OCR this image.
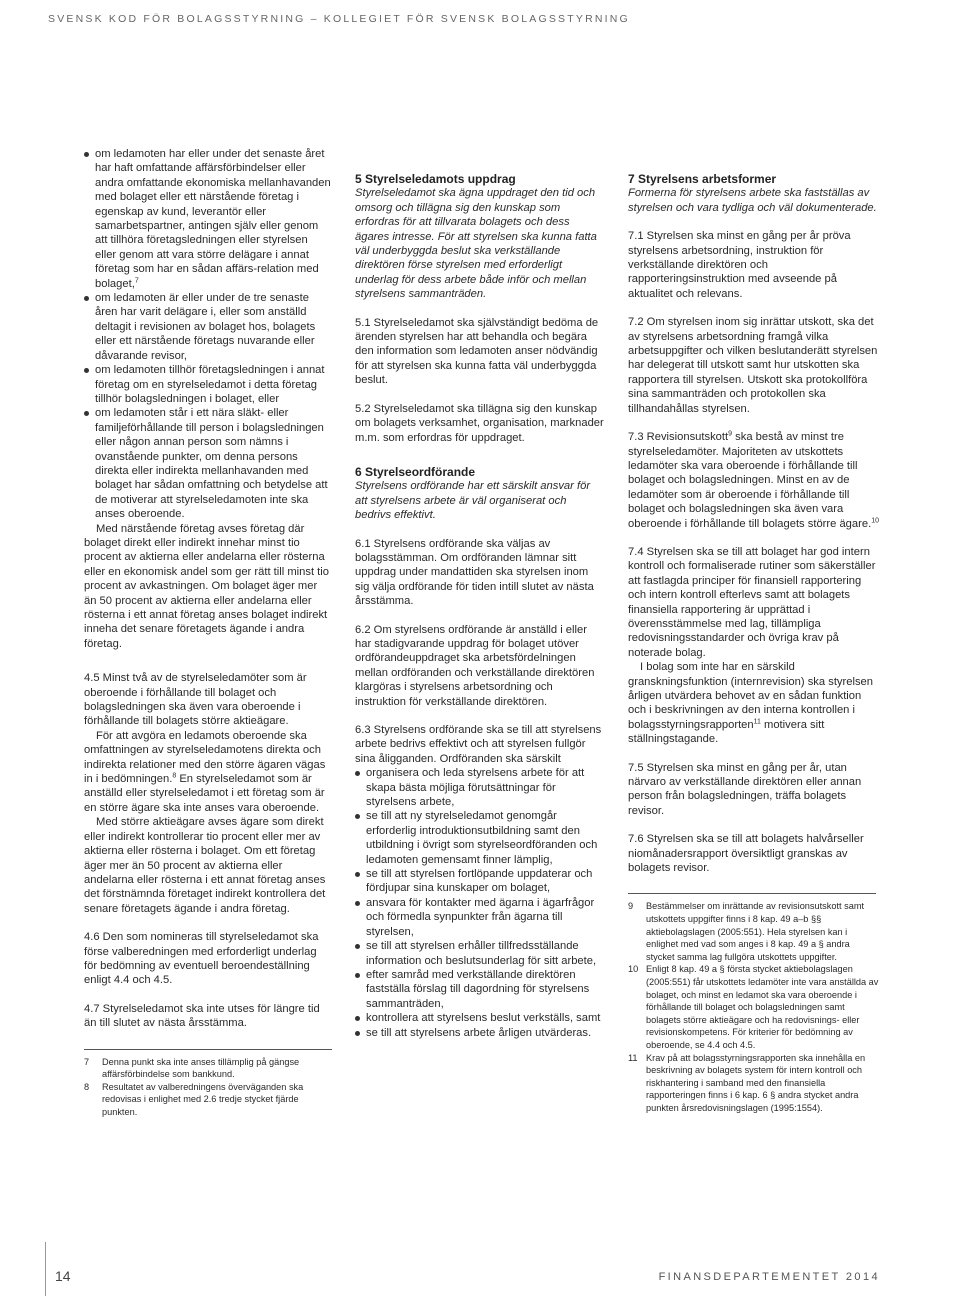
SVENSK KOD FÖR BOLAGSSTYRNING – KOLLEGIET FÖR SVENSK BOLAGSSTYRNING

om ledamoten har eller under det senaste året har haft omfattande affärsförbindelser eller andra omfattande ekonomiska mellanhavanden med bolaget eller ett närstående företag i egenskap av kund, leverantör eller samarbetspartner, antingen själv eller genom att tillhöra företagsledningen eller styrelsen eller genom att vara större delägare i annat företag som har en sådan affärs-relation med bolaget,$^7$

om ledamoten är eller under de tre senaste åren har varit delägare i, eller som anställd deltagit i revisionen av bolaget hos, bolagets eller ett närstående företags nuvarande eller dåvarande revisor,

om ledamoten tillhör företagsledningen i annat företag om en styrelseledamot i detta företag tillhör bolagsledningen i bolaget, eller

om ledamoten står i ett nära släkt- eller familjeförhållande till person i bolagsledningen eller någon annan person som nämns i ovanstående punkter, om denna persons direkta eller indirekta mellanhavanden med bolaget har sådan omfattning och betydelse att de motiverar att styrelseledamoten inte ska anses oberoende.

Med närstående företag avses företag där bolaget direkt eller indirekt innehar minst tio procent av aktierna eller andelarna eller rösterna eller en ekonomisk andel som ger rätt till minst tio procent av avkastningen. Om bolaget äger mer än 50 procent av aktierna eller andelarna eller rösterna i ett annat företag anses bolaget indirekt inneha det senare företagets ägande i andra företag.

4.5 Minst två av de styrelseledamöter som är oberoende i förhållande till bolaget och bolagsledningen ska även vara oberoende i förhållande till bolagets större aktieägare.

För att avgöra en ledamots oberoende ska omfattningen av styrelseledamotens direkta och indirekta relationer med den större ägaren vägas in i bedömningen.$^8$ En styrelseledamot som är anställd eller styrelseledamot i ett företag som är en större ägare ska inte anses vara oberoende.

Med större aktieägare avses ägare som direkt eller indirekt kontrollerar tio procent eller mer av aktierna eller rösterna i bolaget. Om ett företag äger mer än 50 procent av aktierna eller andelarna eller rösterna i ett annat företag anses det förstnämnda företaget indirekt kontrollera det senare företagets ägande i andra företag.

4.6 Den som nomineras till styrelseledamot ska förse valberedningen med erforderligt underlag för bedömning av eventuell beroendeställning enligt 4.4 och 4.5.

4.7 Styrelseledamot ska inte utses för längre tid än till slutet av nästa årsstämma.

7 Denna punkt ska inte anses tillämplig på gängse affärsförbindelse som bankkund.

8 Resultatet av valberedningens överväganden ska redovisas i enlighet med 2.6 tredje stycket fjärde punkten.

5 Styrelseledamots uppdrag

Styrelseledamot ska ägna uppdraget den tid och omsorg och tillägna sig den kunskap som erfordras för att tillvarata bolagets och dess ägares intresse. För att styrelsen ska kunna fatta väl underbyggda beslut ska verkställande direktören förse styrelsen med erforderligt underlag för dess arbete både inför och mellan styrelsens sammanträden.

5.1 Styrelseledamot ska självständigt bedöma de ärenden styrelsen har att behandla och begära den information som ledamoten anser nödvändig för att styrelsen ska kunna fatta väl underbyggda beslut.

5.2 Styrelseledamot ska tillägna sig den kunskap om bolagets verksamhet, organisation, marknader m.m. som erfordras för uppdraget.

6 Styrelseordförande

Styrelsens ordförande har ett särskilt ansvar för att styrelsens arbete är väl organiserat och bedrivs effektivt.

6.1 Styrelsens ordförande ska väljas av bolagsstämman. Om ordföranden lämnar sitt uppdrag under mandattiden ska styrelsen inom sig välja ordförande för tiden intill slutet av nästa årsstämma.

6.2 Om styrelsens ordförande är anställd i eller har stadigvarande uppdrag för bolaget utöver ordförandeuppdraget ska arbetsfördelningen mellan ordföranden och verkställande direktören klargöras i styrelsens arbetsordning och instruktion för verkställande direktören.

6.3 Styrelsens ordförande ska se till att styrelsens arbete bedrivs effektivt och att styrelsen fullgör sina åligganden. Ordföranden ska särskilt

organisera och leda styrelsens arbete för att skapa bästa möjliga förutsättningar för styrelsens arbete,

se till att ny styrelseledamot genomgår erforderlig introduktionsutbildning samt den utbildning i övrigt som styrelseordföranden och ledamoten gemensamt finner lämplig,

se till att styrelsen fortlöpande uppdaterar och fördjupar sina kunskaper om bolaget,

ansvara för kontakter med ägarna i ägarfrågor och förmedla synpunkter från ägarna till styrelsen,

se till att styrelsen erhåller tillfredsställande information och beslutsunderlag för sitt arbete,

efter samråd med verkställande direktören fastställa förslag till dagordning för styrelsens sammanträden,

kontrollera att styrelsens beslut verkställs, samt

se till att styrelsens arbete årligen utvärderas.

7 Styrelsens arbetsformer

Formerna för styrelsens arbete ska fastställas av styrelsen och vara tydliga och väl dokumenterade.

7.1 Styrelsen ska minst en gång per år pröva styrelsens arbetsordning, instruktion för verkställande direktören och rapporteringsinstruktion med avseende på aktualitet och relevans.

7.2 Om styrelsen inom sig inrättar utskott, ska det av styrelsens arbetsordning framgå vilka arbetsuppgifter och vilken beslutanderätt styrelsen har delegerat till utskott samt hur utskotten ska rapportera till styrelsen. Utskott ska protokollföra sina sammanträden och protokollen ska tillhandahållas styrelsen.

7.3 Revisionsutskott$^9$ ska bestå av minst tre styrelseledamöter. Majoriteten av utskottets ledamöter ska vara oberoende i förhållande till bolaget och bolagsledningen. Minst en av de ledamöter som är oberoende i förhållande till bolaget och bolagsledningen ska även vara oberoende i förhållande till bolagets större ägare.$^{10}$

7.4 Styrelsen ska se till att bolaget har god intern kontroll och formaliserade rutiner som säkerställer att fastlagda principer för finansiell rapportering och intern kontroll efterlevs samt att bolagets finansiella rapportering är upprättad i överensstämmelse med lag, tillämpliga redovisningsstandarder och övriga krav på noterade bolag.

I bolag som inte har en särskild granskningsfunktion (internrevision) ska styrelsen årligen utvärdera behovet av en sådan funktion och i beskrivningen av den interna kontrollen i bolagsstyrningsrapporten$^{11}$ motivera sitt ställningstagande.

7.5 Styrelsen ska minst en gång per år, utan närvaro av verkställande direktören eller annan person från bolagsledningen, träffa bolagets revisor.

7.6 Styrelsen ska se till att bolagets halvårseller niomånadersrapport översiktligt granskas av bolagets revisor.

9 Bestämmelser om inrättande av revisionsutskott samt utskottets uppgifter finns i 8 kap. 49 a–b §§ aktiebolagslagen (2005:551). Hela styrelsen kan i enlighet med vad som anges i 8 kap. 49 a § andra stycket samma lag fullgöra utskottets uppgifter.

10 Enligt 8 kap. 49 a § första stycket aktiebolagslagen (2005:551) får utskottets ledamöter inte vara anställda av bolaget, och minst en ledamot ska vara oberoende i förhållande till bolaget och bolagsledningen samt bolagets större aktieägare och ha redovisnings- eller revisionskompetens. För kriterier för bedömning av oberoende, se 4.4 och 4.5.

11 Krav på att bolagsstyrningsrapporten ska innehålla en beskrivning av bolagets system för intern kontroll och riskhantering i samband med den finansiella rapporteringen finns i 6 kap. 6 § andra stycket andra punkten årsredovisningslagen (1995:1554).

14	FINANSDEPARTEMENTET 2014
